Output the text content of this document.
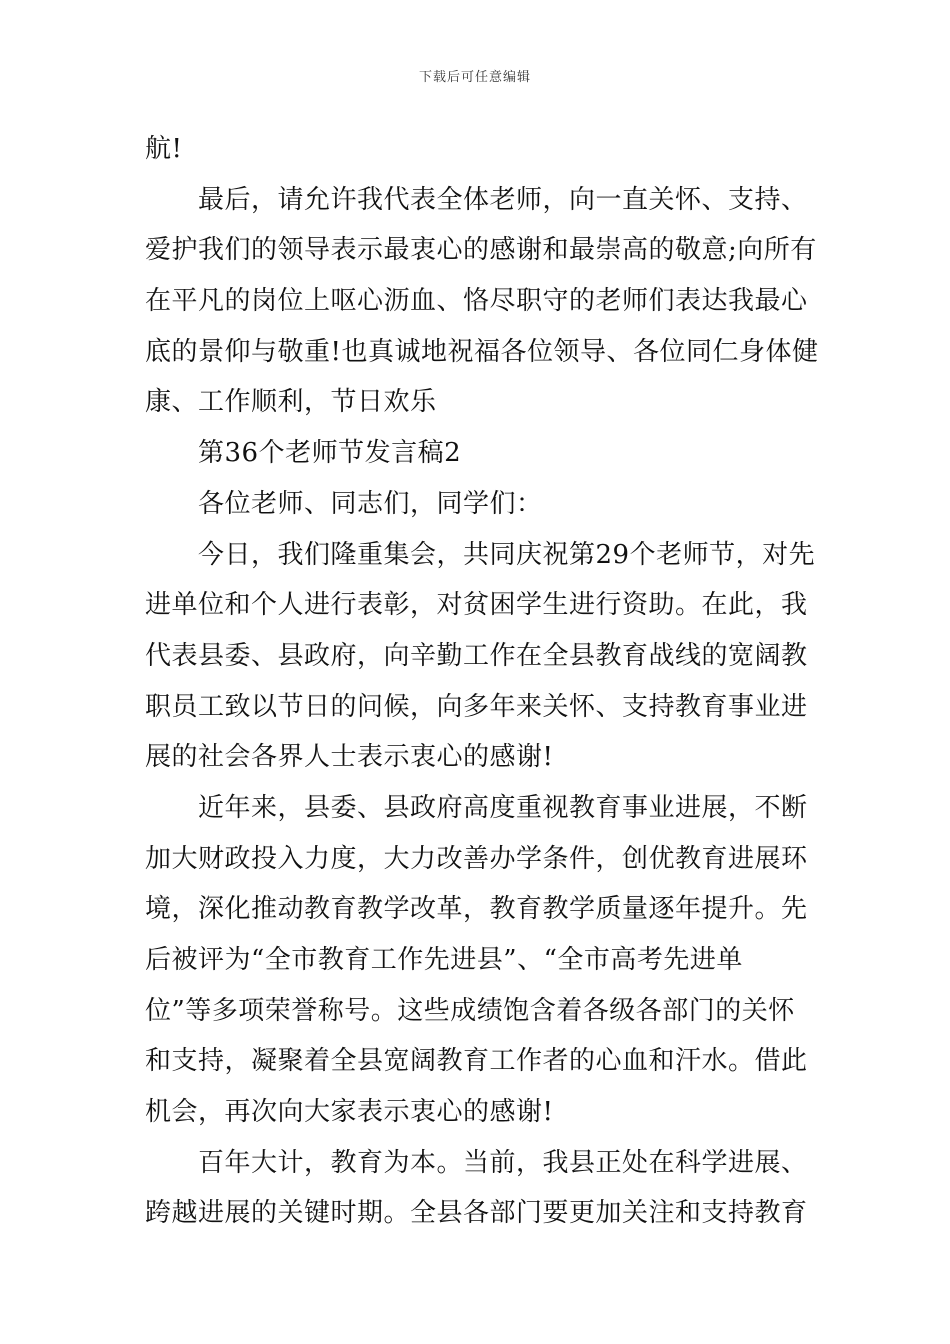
下载后可任意编辑
航!
最后，请允许我代表全体老师，向一直关怀、支持、
爱护我们的领导表示最衷心的感谢和最崇高的敬意;向所有
在平凡的岗位上呕心沥血、恪尽职守的老师们表达我最心
底的景仰与敬重!也真诚地祝福各位领导、各位同仁身体健
康、工作顺利，节日欢乐
第36个老师节发言稿2
各位老师、同志们，同学们：
今日，我们隆重集会，共同庆祝第29个老师节，对先
进单位和个人进行表彰，对贫困学生进行资助。在此，我
代表县委、县政府，向辛勤工作在全县教育战线的宽阔教
职员工致以节日的问候，向多年来关怀、支持教育事业进
展的社会各界人士表示衷心的感谢!
近年来，县委、县政府高度重视教育事业进展，不断
加大财政投入力度，大力改善办学条件，创优教育进展环
境，深化推动教育教学改革，教育教学质量逐年提升。先
后被评为“全市教育工作先进县”、“全市高考先进单
位”等多项荣誉称号。这些成绩饱含着各级各部门的关怀
和支持，凝聚着全县宽阔教育工作者的心血和汗水。借此
机会，再次向大家表示衷心的感谢!
百年大计，教育为本。当前，我县正处在科学进展、
跨越进展的关键时期。全县各部门要更加关注和支持教育
